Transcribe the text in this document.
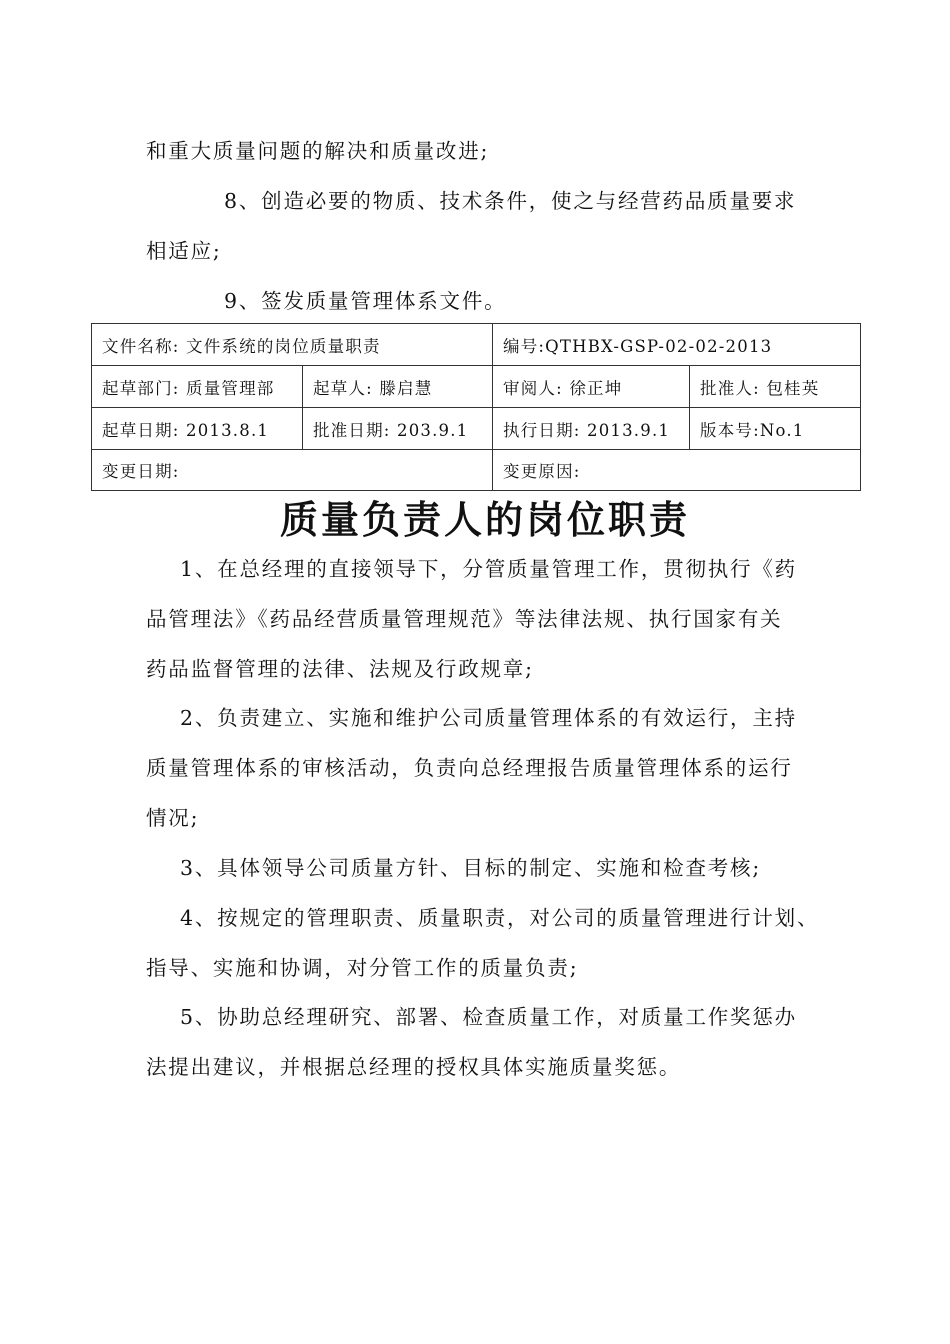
和重大质量问题的解决和质量改进;
8、创造必要的物质、技术条件，使之与经营药品质量要求
相适应;
9、签发质量管理体系文件。
文件名称: 文件系统的岗位质量职责		编号:QTHBX-GSP-02-02-2013	
起草部门: 质量管理部	起草人: 滕启慧	审阅人: 徐正坤	批准人: 包桂英
起草日期: 2013.8.1	批准日期: 203.9.1	执行日期: 2013.9.1	版本号:No.1
变更日期:		变更原因:	
质量负责人的岗位职责
1、在总经理的直接领导下，分管质量管理工作，贯彻执行《药
品管理法》《药品经营质量管理规范》等法律法规、执行国家有关
药品监督管理的法律、法规及行政规章;
2、负责建立、实施和维护公司质量管理体系的有效运行，主持
质量管理体系的审核活动，负责向总经理报告质量管理体系的运行
情况;
3、具体领导公司质量方针、目标的制定、实施和检查考核;
4、按规定的管理职责、质量职责，对公司的质量管理进行计划、
指导、实施和协调，对分管工作的质量负责;
5、协助总经理研究、部署、检查质量工作，对质量工作奖惩办
法提出建议，并根据总经理的授权具体实施质量奖惩。
